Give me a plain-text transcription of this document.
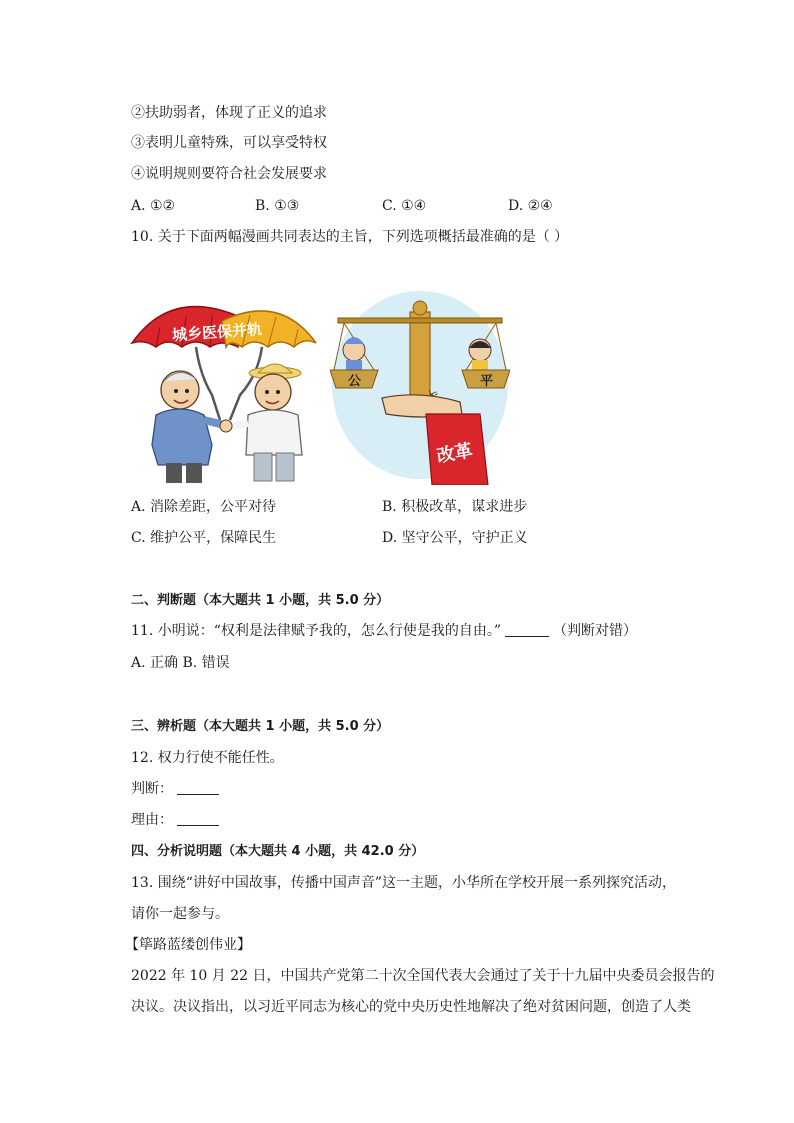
②扶助弱者，体现了正义的追求
③表明儿童特殊，可以享受特权
④说明规则要符合社会发展要求
A. ①②	B. ①③	C. ①④	D. ②④
10. 关于下面两幅漫画共同表达的主旨，下列选项概括最准确的是（ ）
城乡医保并轨
公	平
改革
A. 消除差距，公平对待	B. 积极改革，谋求进步
C. 维护公平，保障民生	D. 坚守公平，守护正义
二、判断题（本大题共 1 小题，共 5.0 分）
11. 小明说：“权利是法律赋予我的，怎么行使是我的自由。”	（判断对错）
A. 正确 B. 错误
三、辨析题（本大题共 1 小题，共 5.0 分）
12. 权力行使不能任性。
判断：
理由：
四、分析说明题（本大题共 4 小题，共 42.0 分）
13. 围绕“讲好中国故事，传播中国声音”这一主题，小华所在学校开展一系列探究活动，
请你一起参与。
【筚路蓝缕创伟业】
2022 年 10 月 22 日，中国共产党第二十次全国代表大会通过了关于十九届中央委员会报告的
决议。决议指出，以习近平同志为核心的党中央历史性地解决了绝对贫困问题，创造了人类
